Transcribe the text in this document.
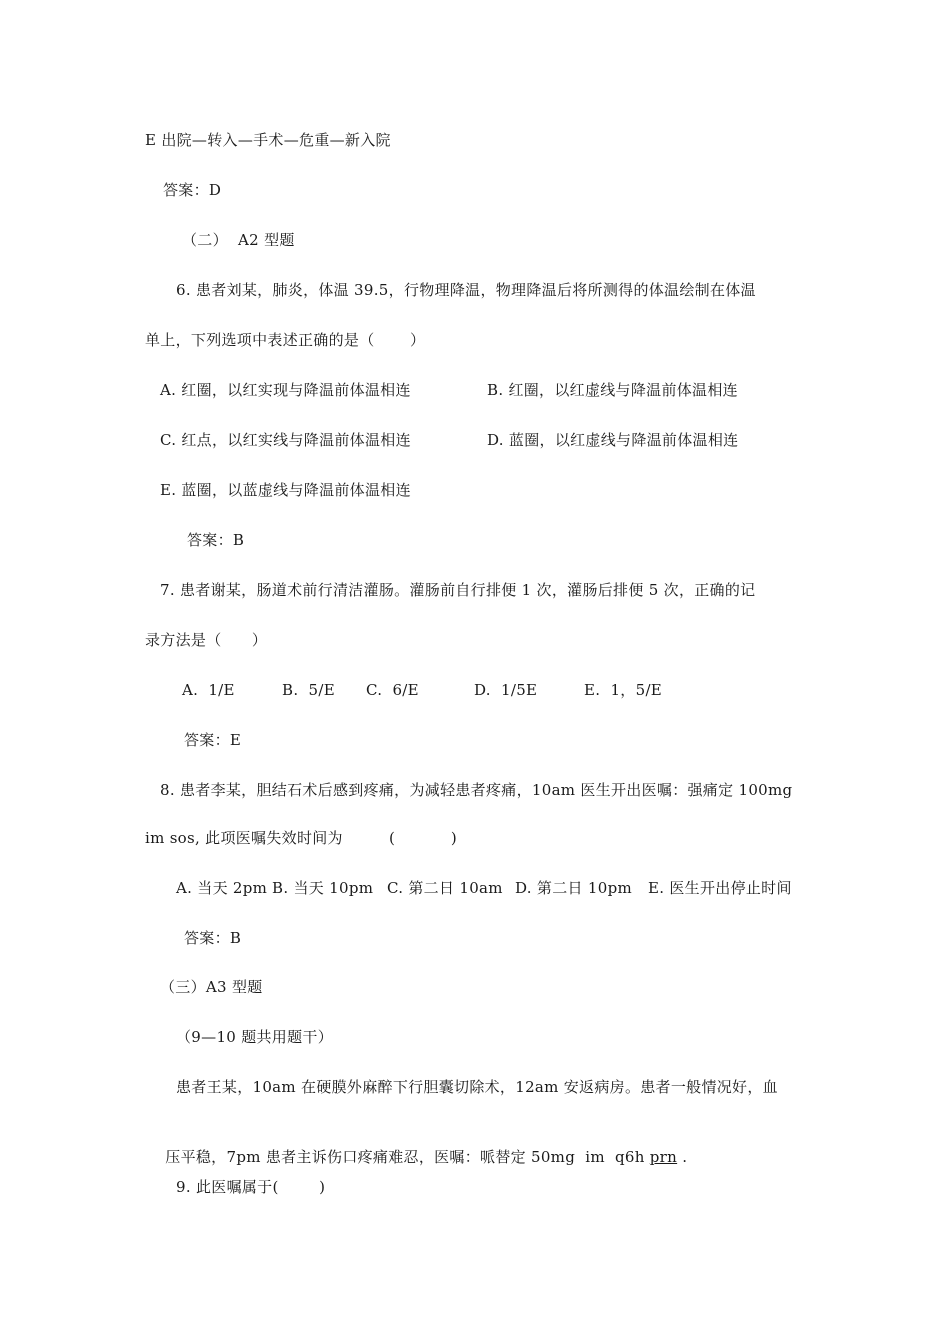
E 出院—转入—手术—危重—新入院
答案：D
（二）  A2 型题
6. 患者刘某，肺炎，体温 39.5，行物理降温，物理降温后将所测得的体温绘制在体温
单上，下列选项中表述正确的是（       ）
A. 红圈，以红实现与降温前体温相连	B. 红圈，以红虚线与降温前体温相连
C. 红点，以红实线与降温前体温相连	D. 蓝圈，以红虚线与降温前体温相连
E. 蓝圈，以蓝虚线与降温前体温相连
答案：B
7. 患者谢某，肠道术前行清洁灌肠。灌肠前自行排便 1 次，灌肠后排便 5 次，正确的记
录方法是（      ）
A.  1/E	B.  5/E C.  6/E	D.  1/5E	E.  1，5/E
答案：E
8. 患者李某，胆结石术后感到疼痛，为减轻患者疼痛，10am 医生开出医嘱：强痛定 100mg
im sos, 此项医嘱失效时间为	(           )
A. 当天 2pm B. 当天 10pm C. 第二日 10am D. 第二日 10pm E. 医生开出停止时间
答案：B
（三）A3 型题
（9—10 题共用题干）
患者王某，10am 在硬膜外麻醉下行胆囊切除术，12am 安返病房。患者一般情况好，血

压平稳，7pm 患者主诉伤口疼痛难忍，医嘱：哌替定 50mg  im  q6h prn .

9. 此医嘱属于(        )
